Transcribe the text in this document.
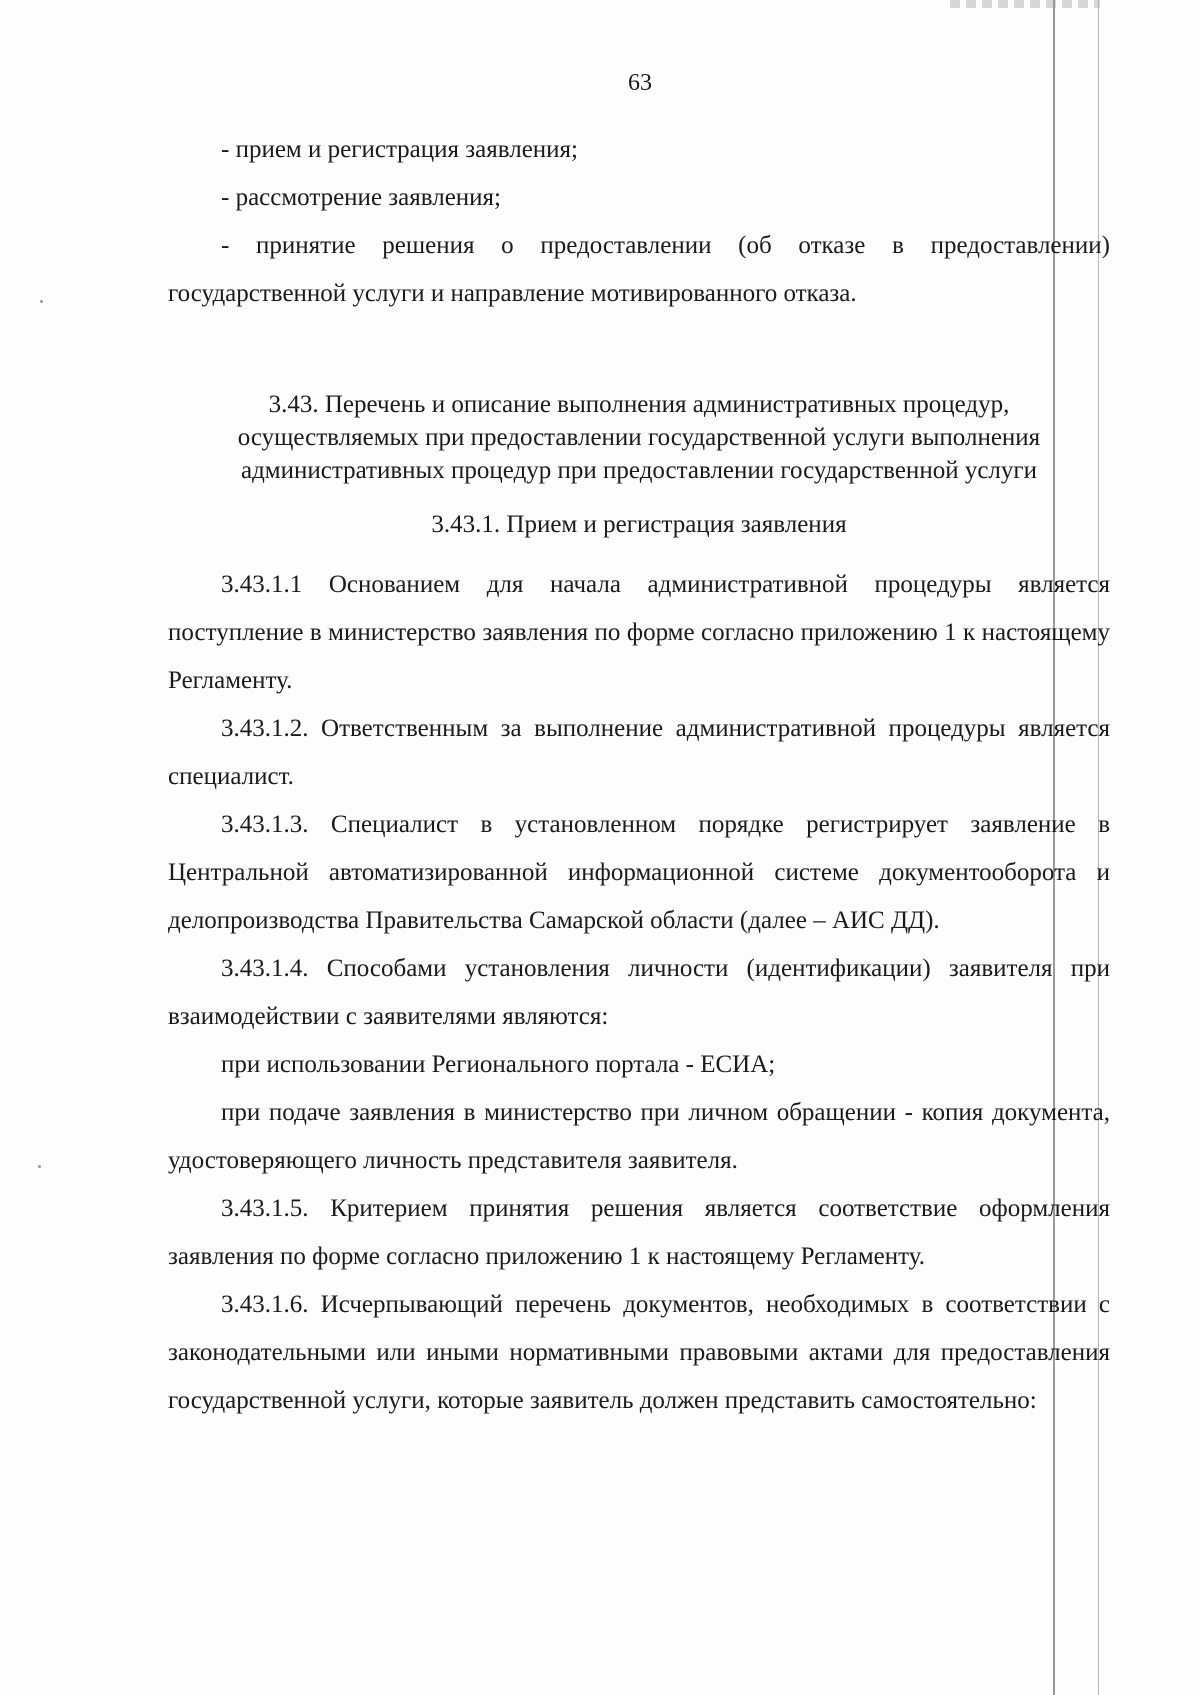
63

- прием и регистрация заявления;

- рассмотрение заявления;

- принятие решения о предоставлении (об отказе в предоставлении) государственной услуги и направление мотивированного отказа.

3.43. Перечень и описание выполнения административных процедур, осуществляемых при предоставлении государственной услуги выполнения административных процедур при предоставлении государственной услуги

3.43.1. Прием и регистрация заявления

3.43.1.1 Основанием для начала административной процедуры является поступление в министерство заявления по форме согласно приложению 1 к настоящему Регламенту.

3.43.1.2. Ответственным за выполнение административной процедуры является специалист.

3.43.1.3. Специалист в установленном порядке регистрирует заявление в Центральной автоматизированной информационной системе документооборота и делопроизводства Правительства Самарской области (далее – АИС ДД).

3.43.1.4. Способами установления личности (идентификации) заявителя при взаимодействии с заявителями являются:

при использовании Регионального портала - ЕСИА;

при подаче заявления в министерство при личном обращении - копия документа, удостоверяющего личность представителя заявителя.

3.43.1.5. Критерием принятия решения является соответствие оформления заявления по форме согласно приложению 1 к настоящему Регламенту.

3.43.1.6. Исчерпывающий перечень документов, необходимых в соответствии с законодательными или иными нормативными правовыми актами для предоставления государственной услуги, которые заявитель должен представить самостоятельно:
